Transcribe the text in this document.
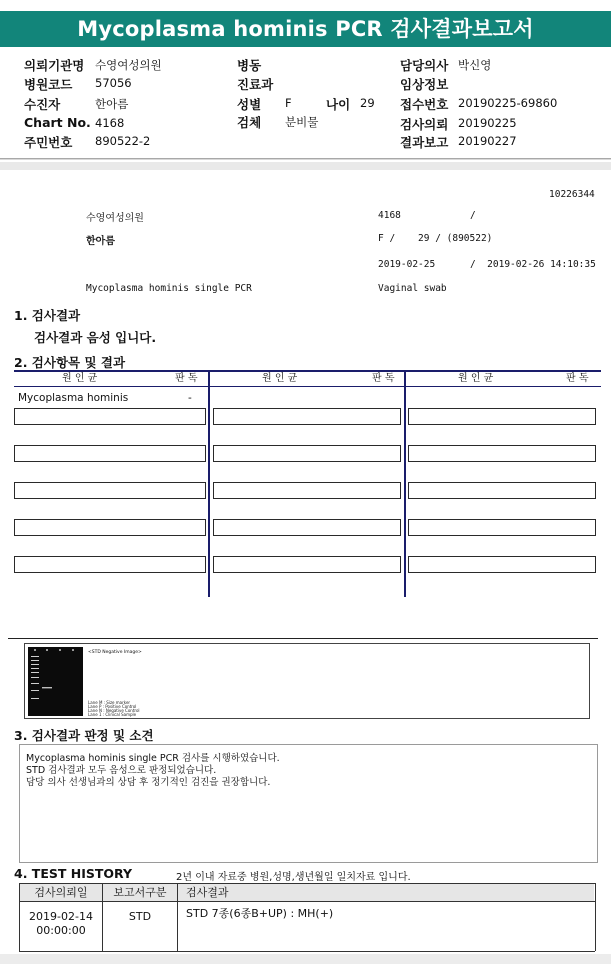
Mycoplasma hominis PCR 검사결과보고서
의뢰기관명 수영여성의원
병원코드 57056
수진자	한아름
Chart No. 4168
주민번호 890522-2
병동
진료과
성별 F	나이 29
검체 분비물
담당의사 박신영
임상정보
접수번호 20190225-69860
검사의뢰 20190225
결과보고 20190227
10226344
수영여성의원	4168	/
한아름	F /    29 / (890522)
2019-02-25	/  2019-02-26 14:10:35
Mycoplasma hominis single PCR	Vaginal swab
1. 검사결과
검사결과 음성 입니다.
2. 검사항목 및 결과
원 인 균	판 독	원 인 균	판 독	원 인 균	판 독
Mycoplasma hominis	-
<STD Negative Image>
Lane M : Size marker
Lane P : Positive Control
Lane N : Negative Control
Lane 1 : Clinical Sample
3. 검사결과 판정 및 소견
Mycoplasma hominis single PCR 검사를 시행하였습니다.
STD 검사결과 모두 음성으로 판정되었습니다.
담당 의사 선생님과의 상담 후 정기적인 검진을 권장합니다.
4. TEST HISTORY	2년 이내 자료중 병원,성명,생년월일 일치자료 입니다.
검사의뢰일	보고서구분	검사결과
2019-02-14
00:00:00
STD	STD 7종(6종B+UP) : MH(+)
